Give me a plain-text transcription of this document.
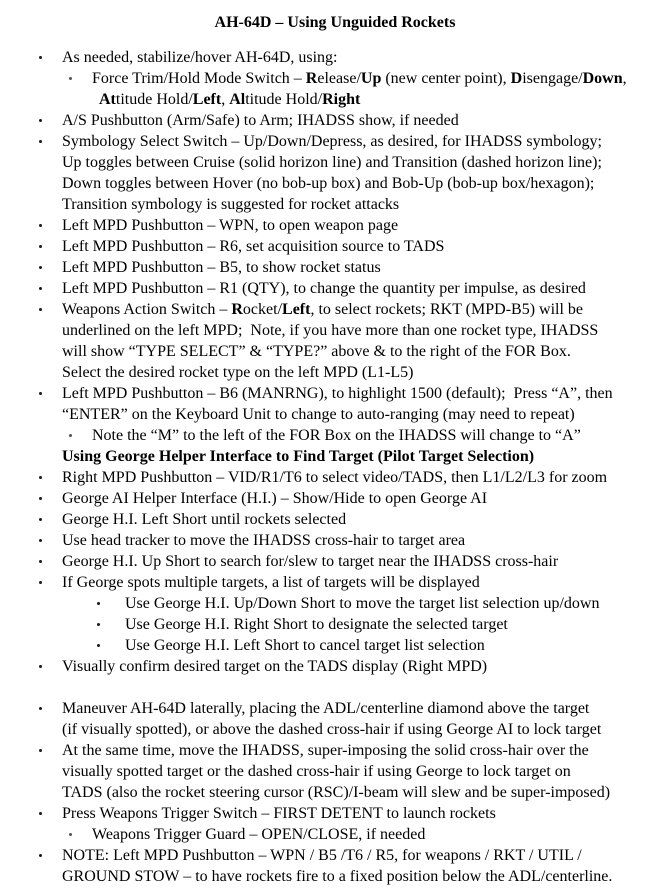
AH-64D – Using Unguided Rockets
As needed, stabilize/hover AH-64D, using:
Force Trim/Hold Mode Switch – Release/Up (new center point), Disengage/Down,
Attitude Hold/Left, Altitude Hold/Right
A/S Pushbutton (Arm/Safe) to Arm; IHADSS show, if needed
Symbology Select Switch – Up/Down/Depress, as desired, for IHADSS symbology;
Up toggles between Cruise (solid horizon line) and Transition (dashed horizon line);
Down toggles between Hover (no bob-up box) and Bob-Up (bob-up box/hexagon);
Transition symbology is suggested for rocket attacks
Left MPD Pushbutton – WPN, to open weapon page
Left MPD Pushbutton – R6, set acquisition source to TADS
Left MPD Pushbutton – B5, to show rocket status
Left MPD Pushbutton – R1 (QTY), to change the quantity per impulse, as desired
Weapons Action Switch – Rocket/Left, to select rockets; RKT (MPD-B5) will be
underlined on the left MPD;  Note, if you have more than one rocket type, IHADSS
will show “TYPE SELECT” & “TYPE?” above & to the right of the FOR Box.
Select the desired rocket type on the left MPD (L1-L5)
Left MPD Pushbutton – B6 (MANRNG), to highlight 1500 (default);  Press “A”, then
“ENTER” on the Keyboard Unit to change to auto-ranging (may need to repeat)
Note the “M” to the left of the FOR Box on the IHADSS will change to “A”
Using George Helper Interface to Find Target (Pilot Target Selection)
Right MPD Pushbutton – VID/R1/T6 to select video/TADS, then L1/L2/L3 for zoom
George AI Helper Interface (H.I.) – Show/Hide to open George AI
George H.I. Left Short until rockets selected
Use head tracker to move the IHADSS cross-hair to target area
George H.I. Up Short to search for/slew to target near the IHADSS cross-hair
If George spots multiple targets, a list of targets will be displayed
Use George H.I. Up/Down Short to move the target list selection up/down
Use George H.I. Right Short to designate the selected target
Use George H.I. Left Short to cancel target list selection
Visually confirm desired target on the TADS display (Right MPD)
Maneuver AH-64D laterally, placing the ADL/centerline diamond above the target
(if visually spotted), or above the dashed cross-hair if using George AI to lock target
At the same time, move the IHADSS, super-imposing the solid cross-hair over the
visually spotted target or the dashed cross-hair if using George to lock target on
TADS (also the rocket steering cursor (RSC)/I-beam will slew and be super-imposed)
Press Weapons Trigger Switch – FIRST DETENT to launch rockets
Weapons Trigger Guard – OPEN/CLOSE, if needed
NOTE: Left MPD Pushbutton – WPN / B5 /T6 / R5, for weapons / RKT / UTIL /
GROUND STOW – to have rockets fire to a fixed position below the ADL/centerline.
